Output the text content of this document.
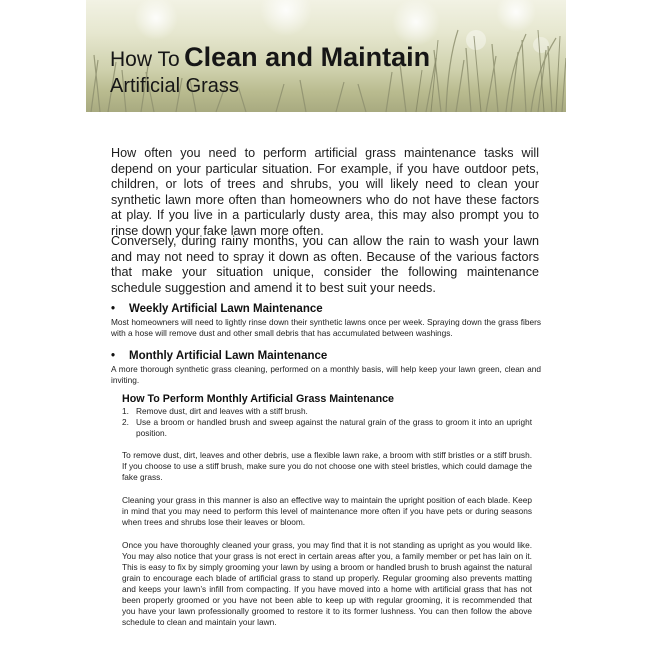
How To Clean and Maintain
Artificial Grass
How often you need to perform artificial grass maintenance tasks will depend on your particular situation. For example, if you have outdoor pets, children, or lots of trees and shrubs, you will likely need to clean your synthetic lawn more often than homeowners who do not have these factors at play. If you live in a particularly dusty area, this may also prompt you to rinse down your fake lawn more often.
Conversely, during rainy months, you can allow the rain to wash your lawn and may not need to spray it down as often. Because of the various factors that make your situation unique, consider the following maintenance schedule suggestion and amend it to best suit your needs.
• Weekly Artificial Lawn Maintenance
Most homeowners will need to lightly rinse down their synthetic lawns once per week. Spraying down the grass fibers with a hose will remove dust and other small debris that has accumulated between washings.
• Monthly Artificial Lawn Maintenance
A more thorough synthetic grass cleaning, performed on a monthly basis, will help keep your lawn green, clean and inviting.
How To Perform Monthly Artificial Grass Maintenance
1. Remove dust, dirt and leaves with a stiff brush.
2. Use a broom or handled brush and sweep against the natural grain of the grass to groom it into an upright position.
To remove dust, dirt, leaves and other debris, use a flexible lawn rake, a broom with stiff bristles or a stiff brush. If you choose to use a stiff brush, make sure you do not choose one with steel bristles, which could damage the fake grass.
Cleaning your grass in this manner is also an effective way to maintain the upright position of each blade. Keep in mind that you may need to perform this level of maintenance more often if you have pets or during seasons when trees and shrubs lose their leaves or bloom.
Once you have thoroughly cleaned your grass, you may find that it is not standing as upright as you would like. You may also notice that your grass is not erect in certain areas after you, a family member or pet has lain on it. This is easy to fix by simply grooming your lawn by using a broom or handled brush to brush against the natural grain to encourage each blade of artificial grass to stand up properly. Regular grooming also prevents matting and keeps your lawn’s infill from compacting. If you have moved into a home with artificial grass that has not been properly groomed or you have not been able to keep up with regular grooming, it is recommended that you have your lawn professionally groomed to restore it to its former lushness. You can then follow the above schedule to clean and maintain your lawn.
